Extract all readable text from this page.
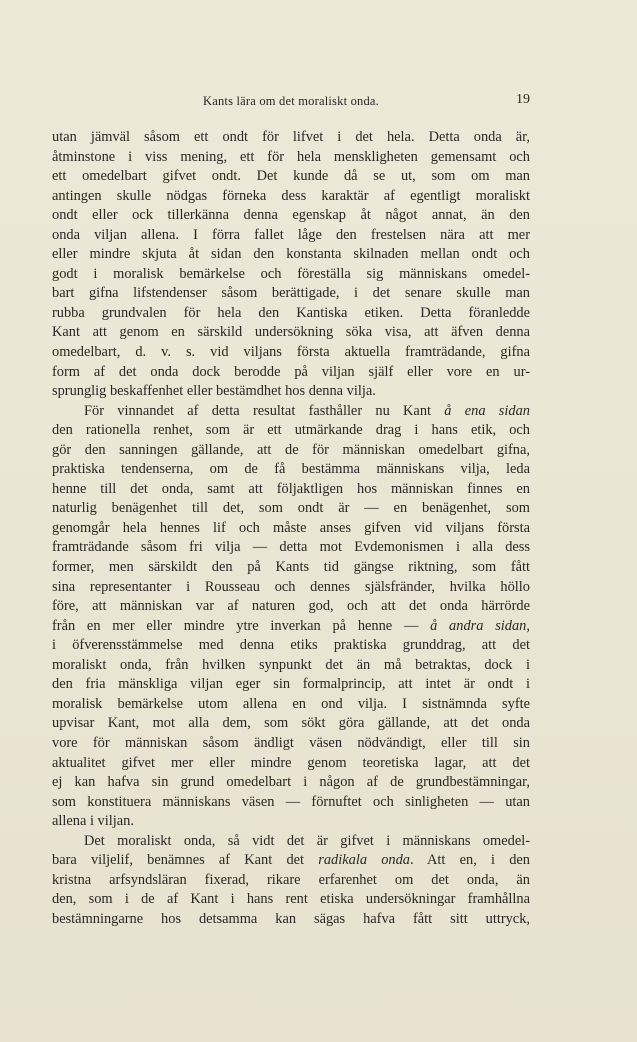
Kants lära om det moraliskt onda.	19
utan jämväl såsom ett ondt för lifvet i det hela. Detta onda är,
åtminstone i viss mening, ett för hela menskligheten gemensamt och
ett omedelbart gifvet ondt. Det kunde då se ut, som om man
antingen skulle nödgas förneka dess karaktär af egentligt moraliskt
ondt eller ock tillerkänna denna egenskap åt något annat, än den
onda viljan allena. I förra fallet låge den frestelsen nära att mer
eller mindre skjuta åt sidan den konstanta skilnaden mellan ondt och
godt i moralisk bemärkelse och föreställa sig människans omedel-
bart gifna lifstendenser såsom berättigade, i det senare skulle man
rubba grundvalen för hela den Kantiska etiken. Detta föranledde
Kant att genom en särskild undersökning söka visa, att äfven denna
omedelbart, d. v. s. vid viljans första aktuella framträdande, gifna
form af det onda dock berodde på viljan själf eller vore en ur-
sprunglig beskaffenhet eller bestämdhet hos denna vilja.
För vinnandet af detta resultat fasthåller nu Kant å ena sidan
den rationella renhet, som är ett utmärkande drag i hans etik, och
gör den sanningen gällande, att de för människan omedelbart gifna,
praktiska tendenserna, om de få bestämma människans vilja, leda
henne till det onda, samt att följaktligen hos människan finnes en
naturlig benägenhet till det, som ondt är — en benägenhet, som
genomgår hela hennes lif och måste anses gifven vid viljans första
framträdande såsom fri vilja — detta mot Evdemonismen i alla dess
former, men särskildt den på Kants tid gängse riktning, som fått
sina representanter i Rousseau och dennes själsfränder, hvilka höllo
före, att människan var af naturen god, och att det onda härrörde
från en mer eller mindre ytre inverkan på henne — å andra sidan,
i öfverensstämmelse med denna etiks praktiska grunddrag, att det
moraliskt onda, från hvilken synpunkt det än må betraktas, dock i
den fria mänskliga viljan eger sin formalprincip, att intet är ondt i
moralisk bemärkelse utom allena en ond vilja. I sistnämnda syfte
upvisar Kant, mot alla dem, som sökt göra gällande, att det onda
vore för människan såsom ändligt väsen nödvändigt, eller till sin
aktualitet gifvet mer eller mindre genom teoretiska lagar, att det
ej kan hafva sin grund omedelbart i någon af de grundbestämningar,
som konstituera människans väsen — förnuftet och sinligheten — utan
allena i viljan.
Det moraliskt onda, så vidt det är gifvet i människans omedel-
bara viljelif, benämnes af Kant det radikala onda. Att en, i den
kristna arfsyndsläran fixerad, rikare erfarenhet om det onda, än
den, som i de af Kant i hans rent etiska undersökningar framhållna
bestämningarne hos detsamma kan sägas hafva fått sitt uttryck,
